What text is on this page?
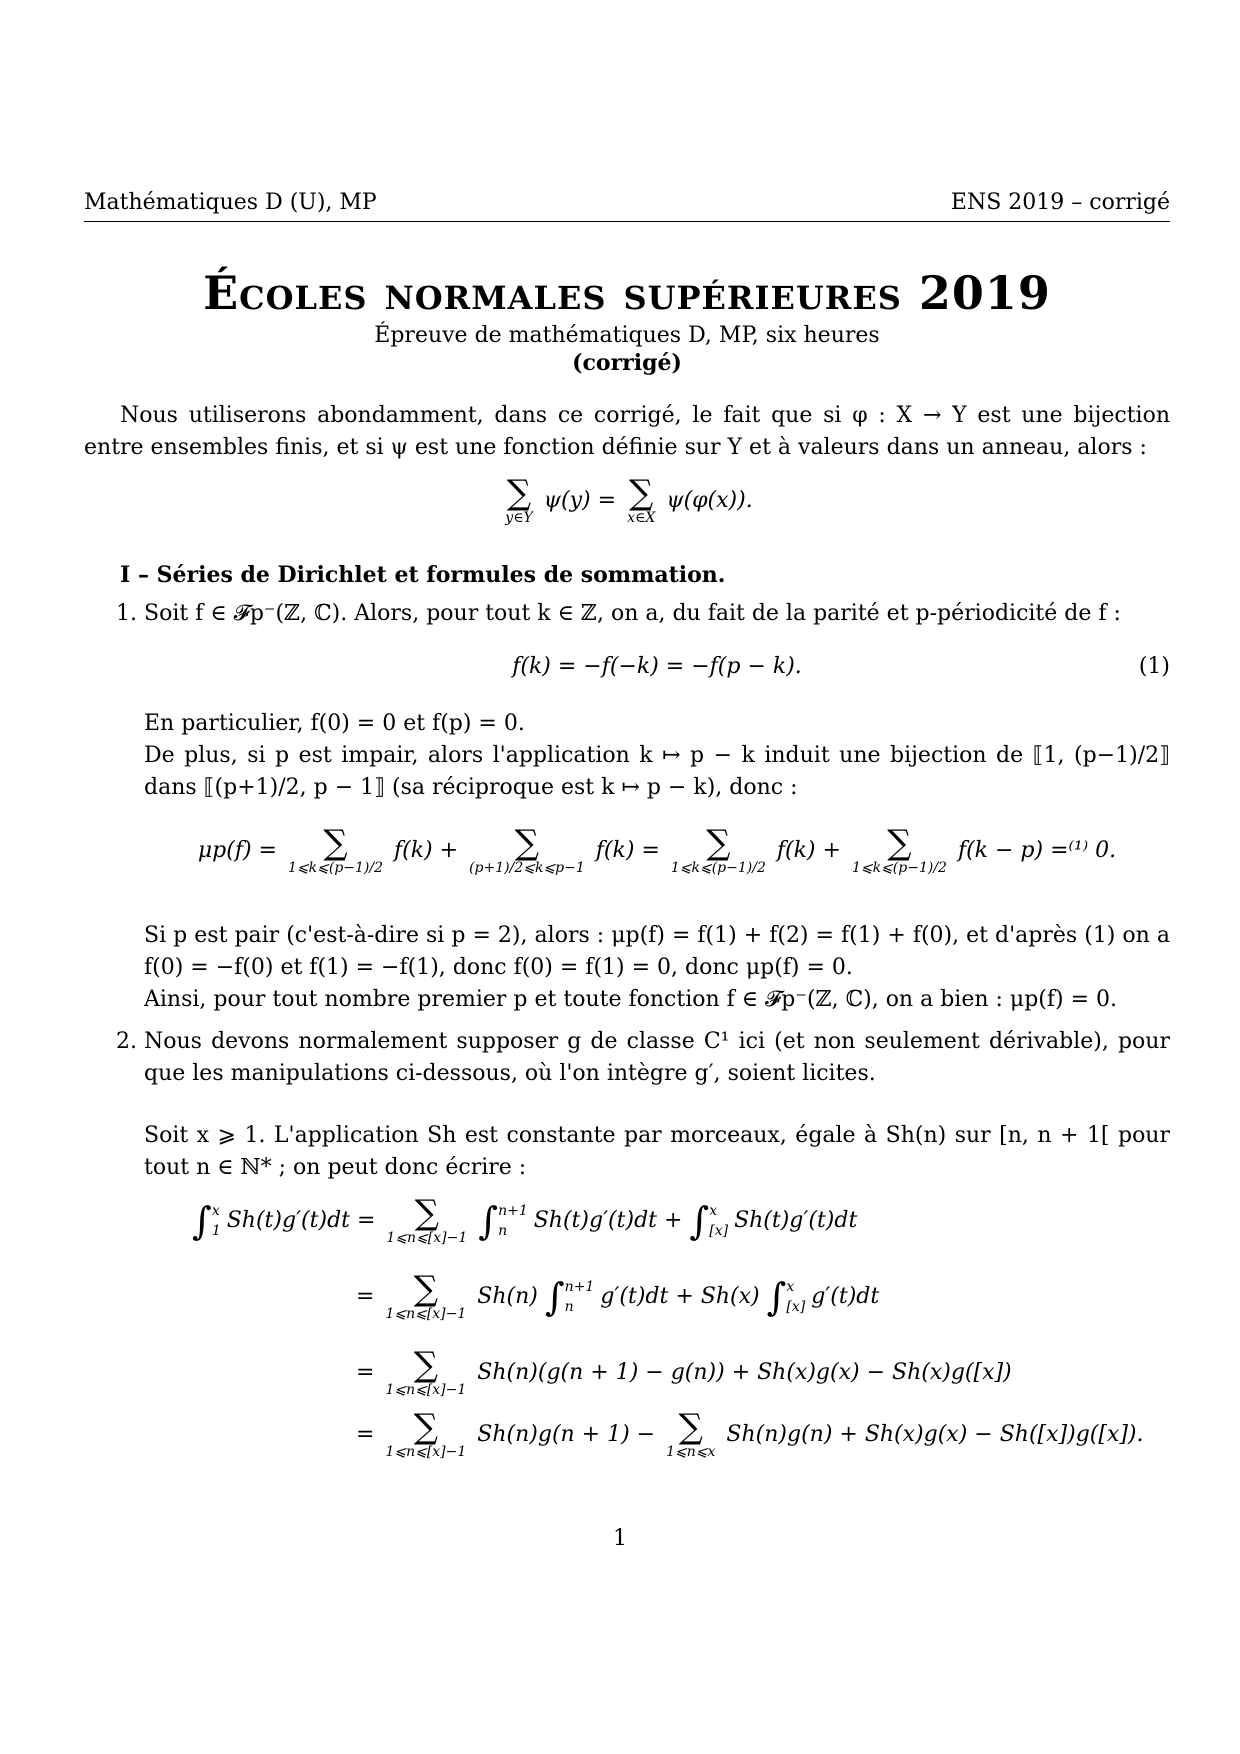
Mathématiques D (U), MP	ENS 2019 – corrigé
Écoles normales supérieures 2019
Épreuve de mathématiques D, MP, six heures
(corrigé)
Nous utiliserons abondamment, dans ce corrigé, le fait que si φ : X → Y est une bijection entre ensembles finis, et si ψ est une fonction définie sur Y et à valeurs dans un anneau, alors :
∑
y∈Y
ψ(y) = ∑
x∈X
ψ(φ(x)).
I – Séries de Dirichlet et formules de sommation.
1. Soit f ∈ 𝓕p⁻(ℤ, ℂ). Alors, pour tout k ∈ ℤ, on a, du fait de la parité et p-périodicité de f :
f(k) = −f(−k) = −f(p − k).	(1)
En particulier, f(0) = 0 et f(p) = 0.
De plus, si p est impair, alors l'application k ↦ p − k induit une bijection de ⟦1, (p−1)/2⟧ dans ⟦(p+1)/2, p − 1⟧ (sa réciproque est k ↦ p − k), donc :
μp(f) =	∑
1⩽k⩽(p−1)/2
f(k) +	∑
(p+1)/2⩽k⩽p−1
f(k) =	∑
1⩽k⩽(p−1)/2
f(k) +	∑
1⩽k⩽(p−1)/2
f(k − p) =⁽¹⁾ 0.
Si p est pair (c'est-à-dire si p = 2), alors : μp(f) = f(1) + f(2) = f(1) + f(0), et d'après (1) on a f(0) = −f(0) et f(1) = −f(1), donc f(0) = f(1) = 0, donc μp(f) = 0.
Ainsi, pour tout nombre premier p et toute fonction f ∈ 𝓕p⁻(ℤ, ℂ), on a bien : μp(f) = 0.
2. Nous devons normalement supposer g de classe C¹ ici (et non seulement dérivable), pour que les manipulations ci-dessous, où l'on intègre g′, soient licites.
Soit x ⩾ 1. L'application Sh est constante par morceaux, égale à Sh(n) sur [n, n + 1[ pour tout n ∈ ℕ* ; on peut donc écrire :
∫x
1 Sh(t)g′(t)dt =	∑
1⩽n⩽[x]−1 ∫n+1
n Sh(t)g′(t)dt + ∫x
[x] Sh(t)g′(t)dt
=	∑
1⩽n⩽[x]−1
Sh(n) ∫n+1
n g′(t)dt + Sh(x) ∫x
[x] g′(t)dt
=	∑
1⩽n⩽[x]−1
Sh(n)(g(n + 1) − g(n)) + Sh(x)g(x) − Sh(x)g([x])
=	∑
1⩽n⩽[x]−1
Sh(n)g(n + 1) − ∑
1⩽n⩽x
Sh(n)g(n) + Sh(x)g(x) − Sh([x])g([x]).
1
